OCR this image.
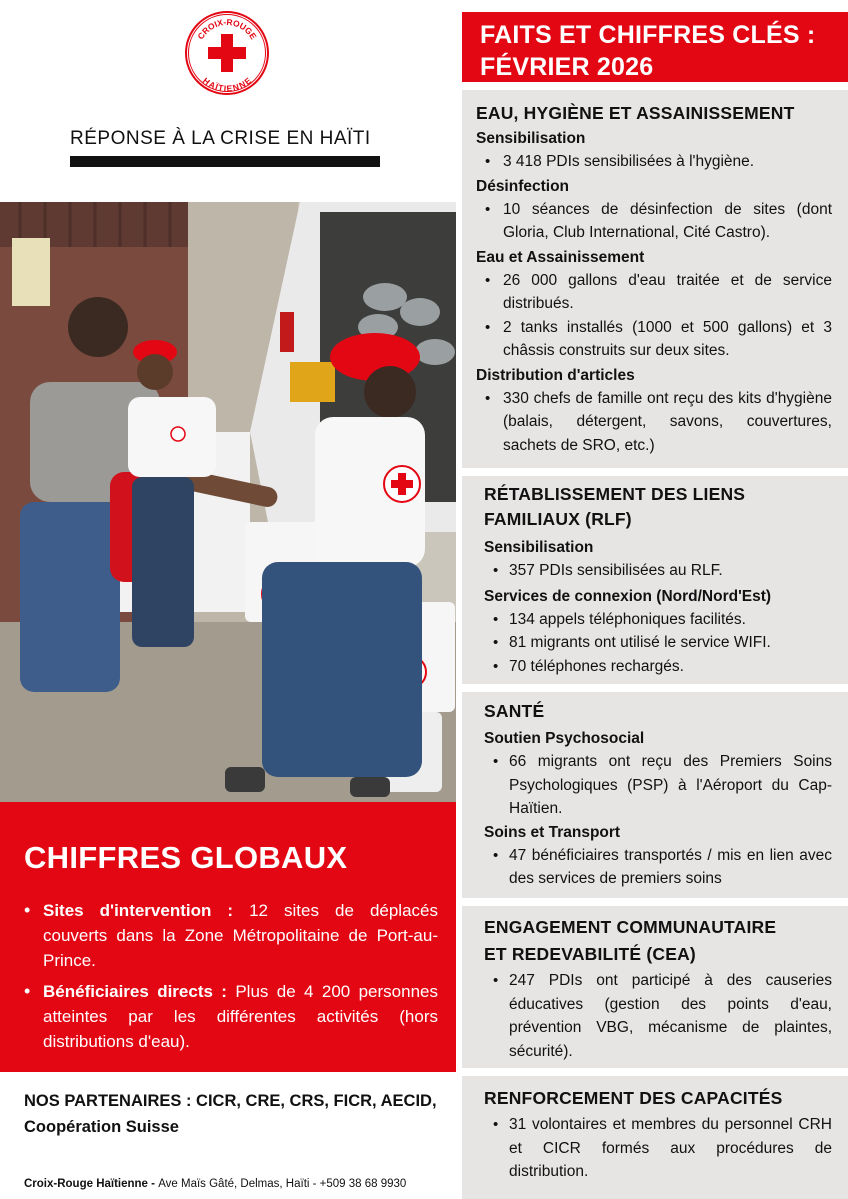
CROIX-ROUGE
HAÏTIENNE
RÉPONSE À LA CRISE EN HAÏTI
CHIFFRES GLOBAUX
• Sites d'intervention : 12 sites de déplacés couverts dans la Zone Métropolitaine de Port-au-Prince.
• Bénéficiaires directs : Plus de 4 200 personnes atteintes par les différentes activités (hors distributions d'eau).
NOS PARTENAIRES : CICR, CRE, CRS, FICR, AECID, Coopération Suisse
Croix-Rouge Haïtienne - Ave Maïs Gâté, Delmas, Haïti - +509 38 68 9930
FAITS ET CHIFFRES CLÉS :
FÉVRIER 2026
EAU, HYGIÈNE ET ASSAINISSEMENT
Sensibilisation
• 3 418 PDIs sensibilisées à l'hygiène.
Désinfection
• 10 séances de désinfection de sites (dont Gloria, Club International, Cité Castro).
Eau et Assainissement
• 26 000 gallons d'eau traitée et de service distribués.
• 2 tanks installés (1000 et 500 gallons) et 3 châssis construits sur deux sites.
Distribution d'articles
• 330 chefs de famille ont reçu des kits d'hygiène (balais, détergent, savons, couvertures, sachets de SRO, etc.)
RÉTABLISSEMENT DES LIENS
FAMILIAUX (RLF)
Sensibilisation
• 357 PDIs sensibilisées au RLF.
Services de connexion (Nord/Nord'Est)
• 134 appels téléphoniques facilités.
• 81 migrants ont utilisé le service WIFI.
• 70 téléphones rechargés.
SANTÉ
Soutien Psychosocial
• 66 migrants ont reçu des Premiers Soins Psychologiques (PSP) à l'Aéroport du Cap-Haïtien.
Soins et Transport
• 47 bénéficiaires transportés / mis en lien avec des services de premiers soins
ENGAGEMENT COMMUNAUTAIRE
ET REDEVABILITÉ (CEA)
• 247 PDIs ont participé à des causeries éducatives (gestion des points d'eau, prévention VBG, mécanisme de plaintes, sécurité).
RENFORCEMENT DES CAPACITÉS
• 31 volontaires et membres du personnel CRH et CICR formés aux procédures de distribution.
